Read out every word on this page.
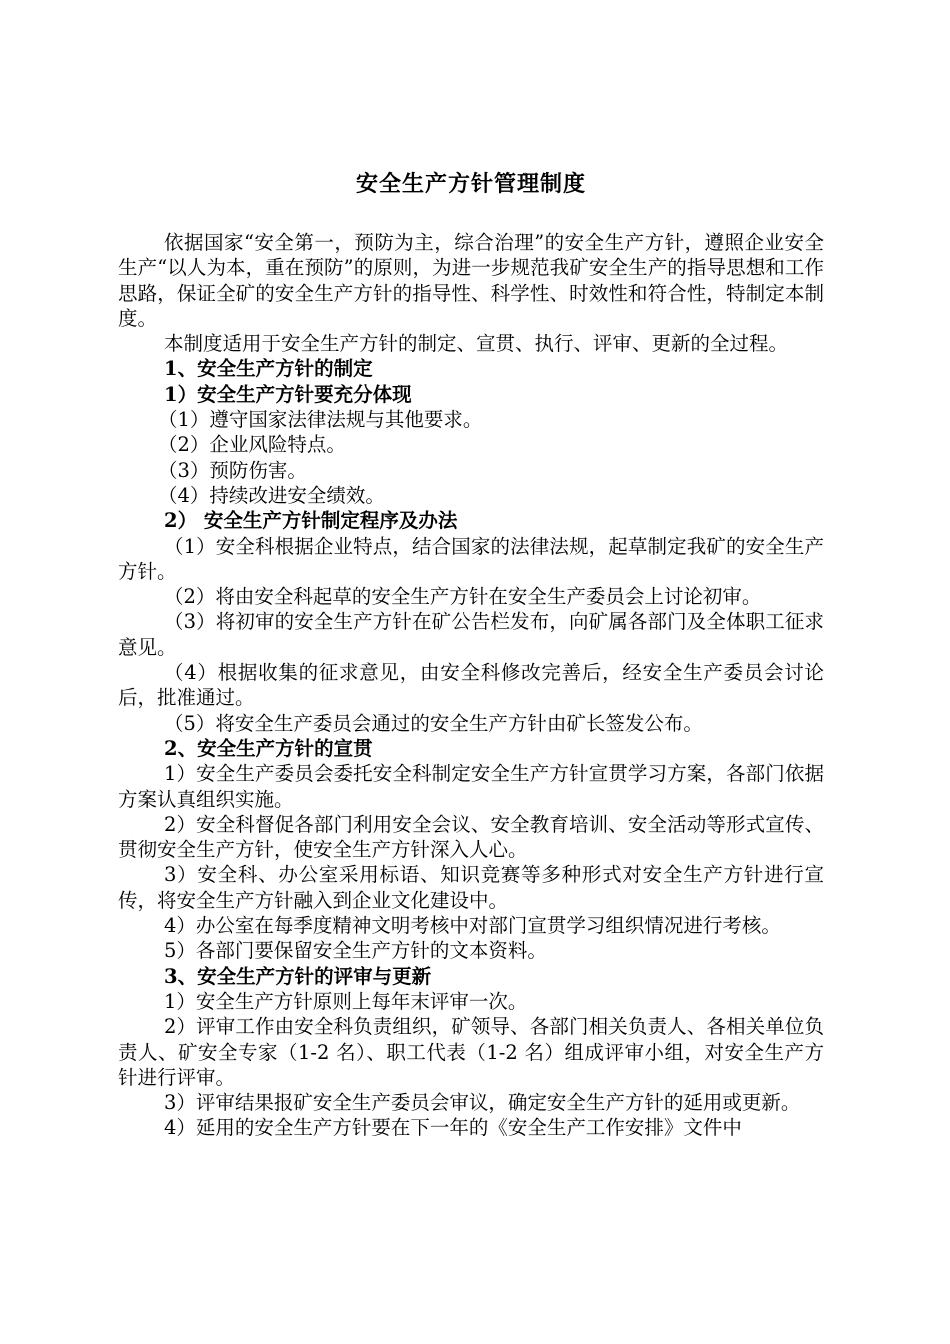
安全生产方针管理制度

依据国家“安全第一，预防为主，综合治理”的安全生产方针，遵照企业安全生产“以人为本，重在预防”的原则，为进一步规范我矿安全生产的指导思想和工作思路，保证全矿的安全生产方针的指导性、科学性、时效性和符合性，特制定本制度。

本制度适用于安全生产方针的制定、宣贯、执行、评审、更新的全过程。

1、安全生产方针的制定

1）安全生产方针要充分体现

（1）遵守国家法律法规与其他要求。

（2）企业风险特点。

（3）预防伤害。

（4）持续改进安全绩效。

2） 安全生产方针制定程序及办法

（1）安全科根据企业特点，结合国家的法律法规，起草制定我矿的安全生产方针。

（2）将由安全科起草的安全生产方针在安全生产委员会上讨论初审。

（3）将初审的安全生产方针在矿公告栏发布，向矿属各部门及全体职工征求意见。

（4）根据收集的征求意见，由安全科修改完善后，经安全生产委员会讨论后，批准通过。

（5）将安全生产委员会通过的安全生产方针由矿长签发公布。

2、安全生产方针的宣贯

1）安全生产委员会委托安全科制定安全生产方针宣贯学习方案，各部门依据方案认真组织实施。

2）安全科督促各部门利用安全会议、安全教育培训、安全活动等形式宣传、贯彻安全生产方针，使安全生产方针深入人心。

3）安全科、办公室采用标语、知识竞赛等多种形式对安全生产方针进行宣传，将安全生产方针融入到企业文化建设中。

4）办公室在每季度精神文明考核中对部门宣贯学习组织情况进行考核。

5）各部门要保留安全生产方针的文本资料。

3、安全生产方针的评审与更新

1）安全生产方针原则上每年末评审一次。

2）评审工作由安全科负责组织，矿领导、各部门相关负责人、各相关单位负责人、矿安全专家（1-2 名）、职工代表（1-2 名）组成评审小组，对安全生产方针进行评审。

3）评审结果报矿安全生产委员会审议，确定安全生产方针的延用或更新。

4）延用的安全生产方针要在下一年的《安全生产工作安排》文件中
